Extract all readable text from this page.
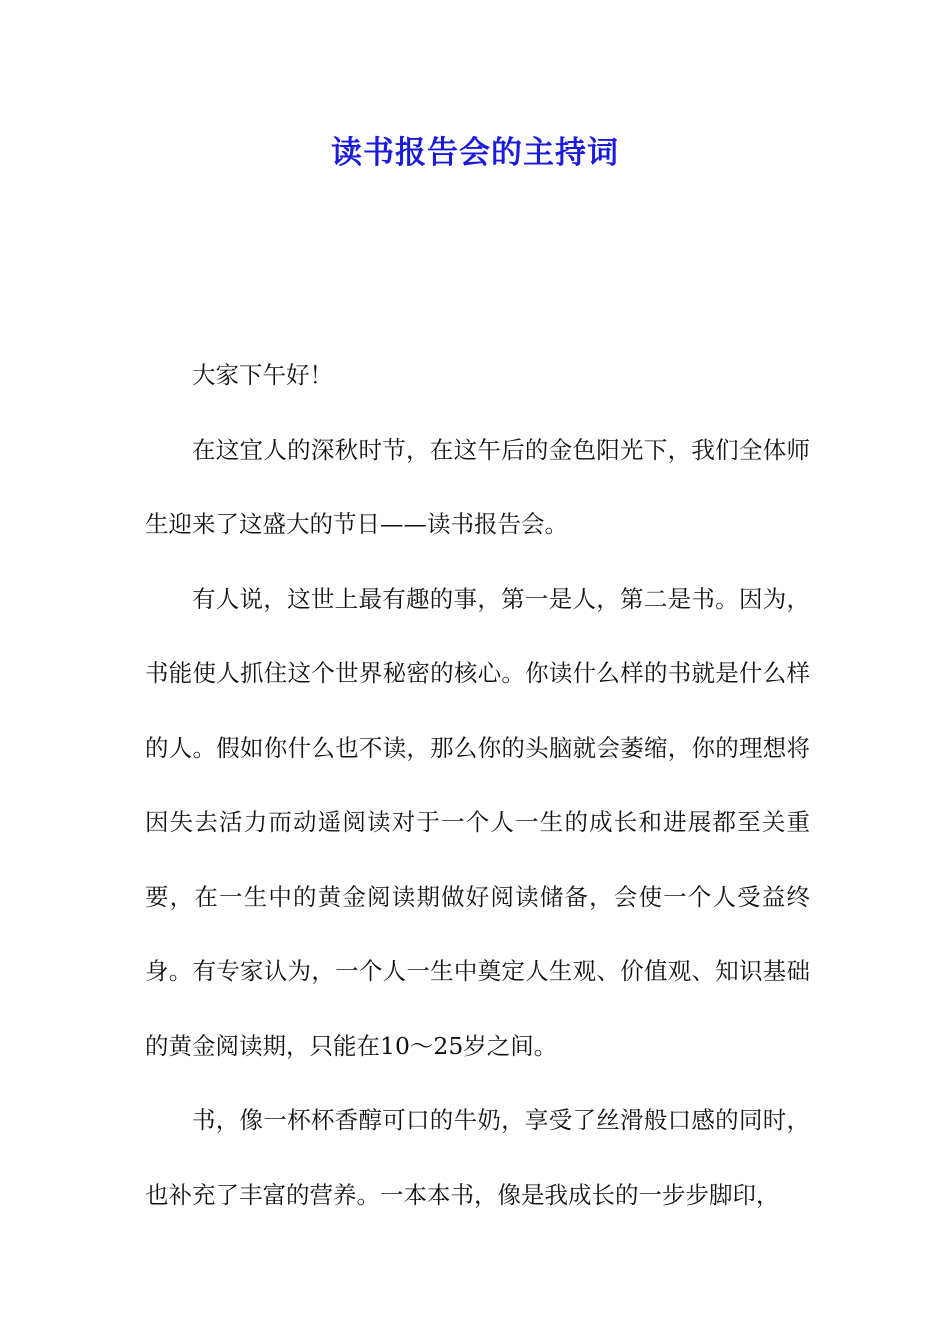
读书报告会的主持词

大家下午好！

在这宜人的深秋时节，在这午后的金色阳光下，我们全体师生迎来了这盛大的节日——读书报告会。

有人说，这世上最有趣的事，第一是人，第二是书。因为，书能使人抓住这个世界秘密的核心。你读什么样的书就是什么样的人。假如你什么也不读，那么你的头脑就会萎缩，你的理想将因失去活力而动遥阅读对于一个人一生的成长和进展都至关重要，在一生中的黄金阅读期做好阅读储备，会使一个人受益终身。有专家认为，一个人一生中奠定人生观、价值观、知识基础的黄金阅读期，只能在10～25岁之间。

书，像一杯杯香醇可口的牛奶，享受了丝滑般口感的同时，也补充了丰富的营养。一本本书，像是我成长的一步步脚印，
